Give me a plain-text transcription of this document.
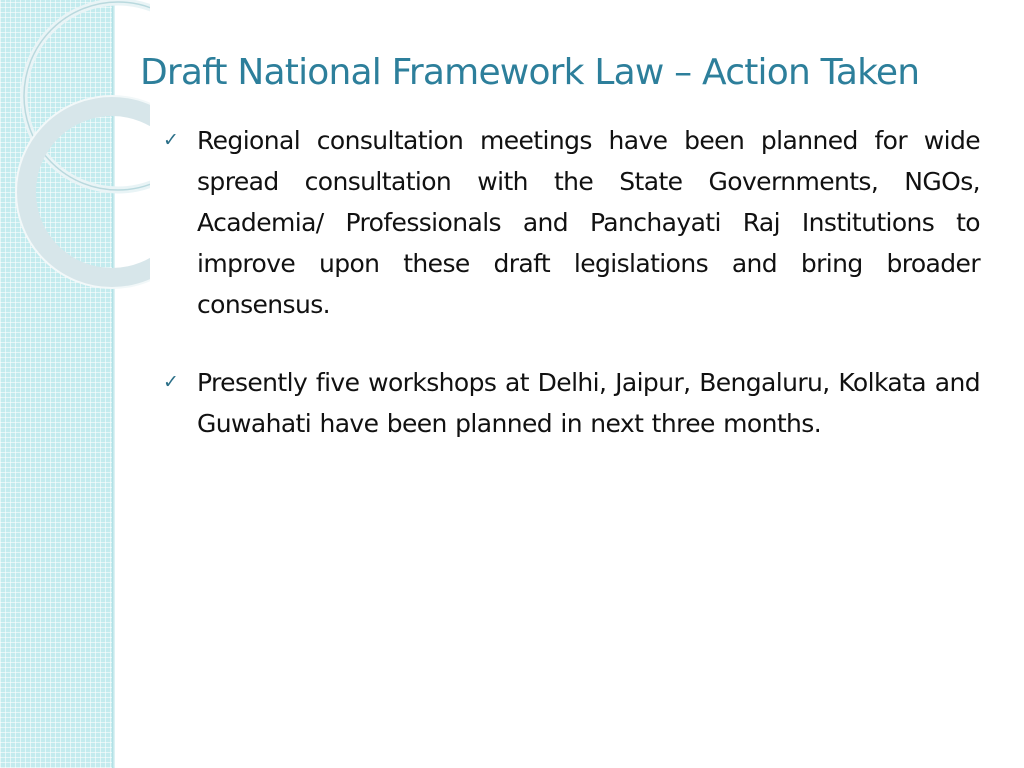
Draft National Framework Law – Action Taken
✓ Regional consultation meetings have been planned for wide spread consultation with the State Governments, NGOs, Academia/ Professionals and Panchayati Raj Institutions to improve upon these draft legislations and bring broader consensus.
✓ Presently five workshops at Delhi, Jaipur, Bengaluru, Kolkata and Guwahati have been planned in next three months.
